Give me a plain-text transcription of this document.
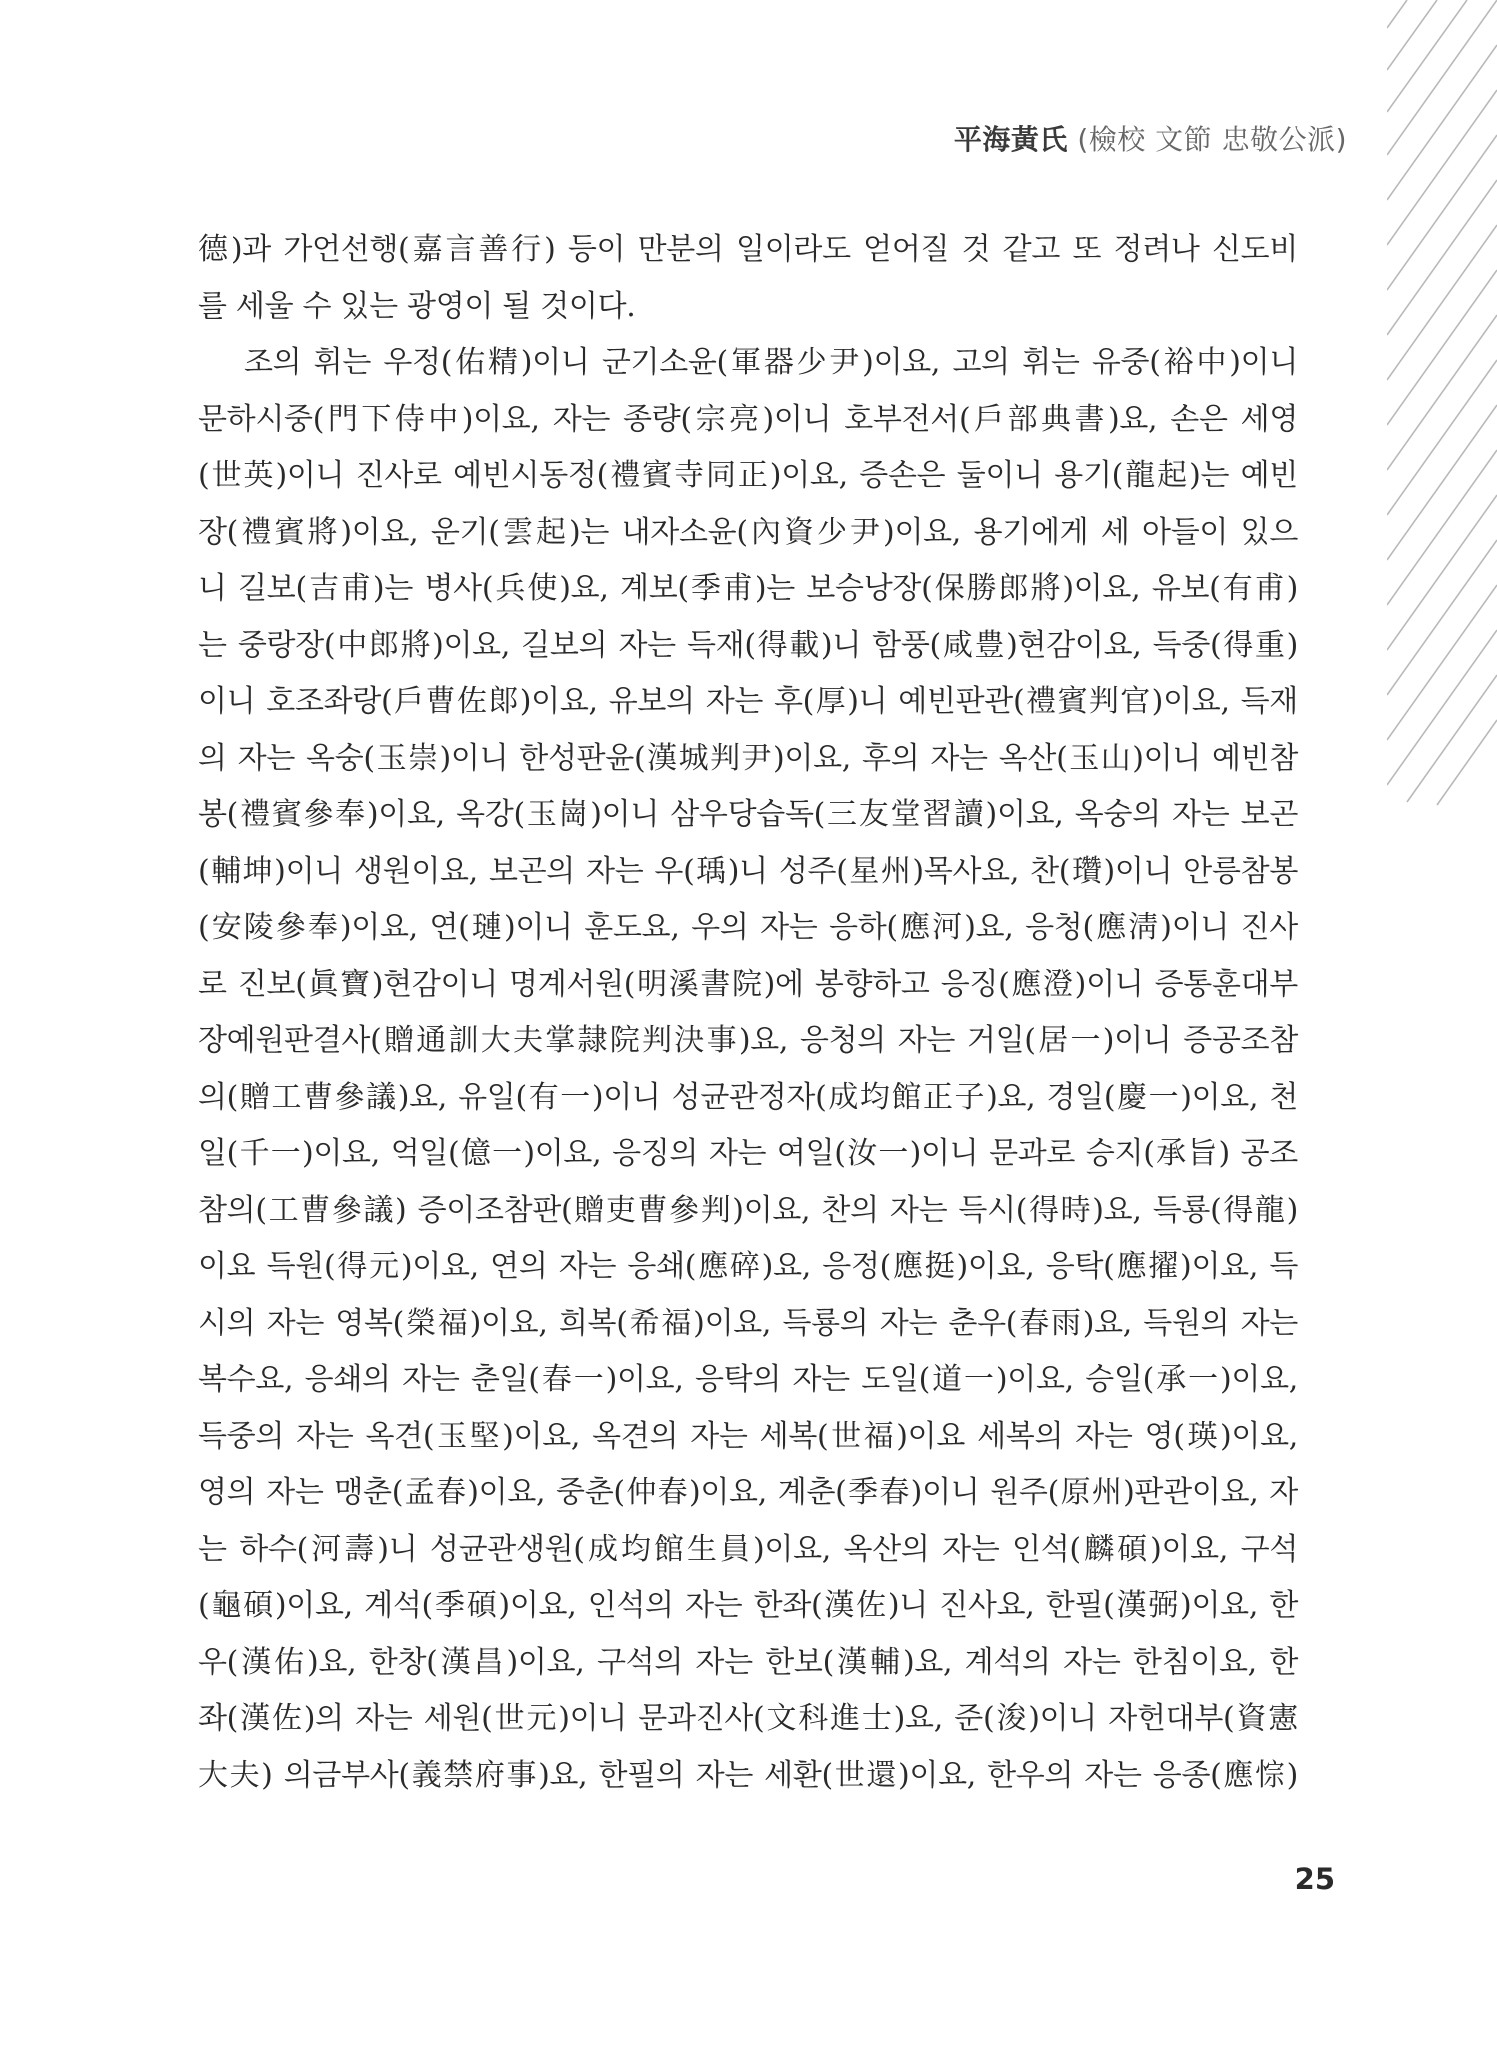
平海黃氏 (檢校 文節 忠敬公派)
德)과 가언선행(嘉言善行) 등이 만분의 일이라도 얻어질 것 같고 또 정려나 신도비
를 세울 수 있는 광영이 될 것이다.
조의 휘는 우정(佑精)이니 군기소윤(軍器少尹)이요, 고의 휘는 유중(裕中)이니
문하시중(門下侍中)이요, 자는 종량(宗亮)이니 호부전서(戶部典書)요, 손은 세영
(世英)이니 진사로 예빈시동정(禮賓寺同正)이요, 증손은 둘이니 용기(龍起)는 예빈
장(禮賓將)이요, 운기(雲起)는 내자소윤(內資少尹)이요, 용기에게 세 아들이 있으
니 길보(吉甫)는 병사(兵使)요, 계보(季甫)는 보승낭장(保勝郎將)이요, 유보(有甫)
는 중랑장(中郎將)이요, 길보의 자는 득재(得載)니 함풍(咸豊)현감이요, 득중(得重)
이니 호조좌랑(戶曹佐郞)이요, 유보의 자는 후(厚)니 예빈판관(禮賓判官)이요, 득재
의 자는 옥숭(玉崇)이니 한성판윤(漢城判尹)이요, 후의 자는 옥산(玉山)이니 예빈참
봉(禮賓參奉)이요, 옥강(玉崗)이니 삼우당습독(三友堂習讀)이요, 옥숭의 자는 보곤
(輔坤)이니 생원이요, 보곤의 자는 우(瑀)니 성주(星州)목사요, 찬(瓚)이니 안릉참봉
(安陵參奉)이요, 연(璉)이니 훈도요, 우의 자는 응하(應河)요, 응청(應淸)이니 진사
로 진보(眞寶)현감이니 명계서원(明溪書院)에 봉향하고 응징(應澄)이니 증통훈대부
장예원판결사(贈通訓大夫掌隷院判決事)요, 응청의 자는 거일(居一)이니 증공조참
의(贈工曹參議)요, 유일(有一)이니 성균관정자(成均館正子)요, 경일(慶一)이요, 천
일(千一)이요, 억일(億一)이요, 응징의 자는 여일(汝一)이니 문과로 승지(承旨) 공조
참의(工曹參議) 증이조참판(贈吏曹參判)이요, 찬의 자는 득시(得時)요, 득룡(得龍)
이요 득원(得元)이요, 연의 자는 응쇄(應碎)요, 응정(應挺)이요, 응탁(應擢)이요, 득
시의 자는 영복(榮福)이요, 희복(希福)이요, 득룡의 자는 춘우(春雨)요, 득원의 자는
복수요, 응쇄의 자는 춘일(春一)이요, 응탁의 자는 도일(道一)이요, 승일(承一)이요,
득중의 자는 옥견(玉堅)이요, 옥견의 자는 세복(世福)이요 세복의 자는 영(瑛)이요,
영의 자는 맹춘(孟春)이요, 중춘(仲春)이요, 계춘(季春)이니 원주(原州)판관이요, 자
는 하수(河壽)니 성균관생원(成均館生員)이요, 옥산의 자는 인석(麟碩)이요, 구석
(龜碩)이요, 계석(季碩)이요, 인석의 자는 한좌(漢佐)니 진사요, 한필(漢弼)이요, 한
우(漢佑)요, 한창(漢昌)이요, 구석의 자는 한보(漢輔)요, 계석의 자는 한침이요, 한
좌(漢佐)의 자는 세원(世元)이니 문과진사(文科進士)요, 준(浚)이니 자헌대부(資憲
大夫) 의금부사(義禁府事)요, 한필의 자는 세환(世還)이요, 한우의 자는 응종(應悰)
25
